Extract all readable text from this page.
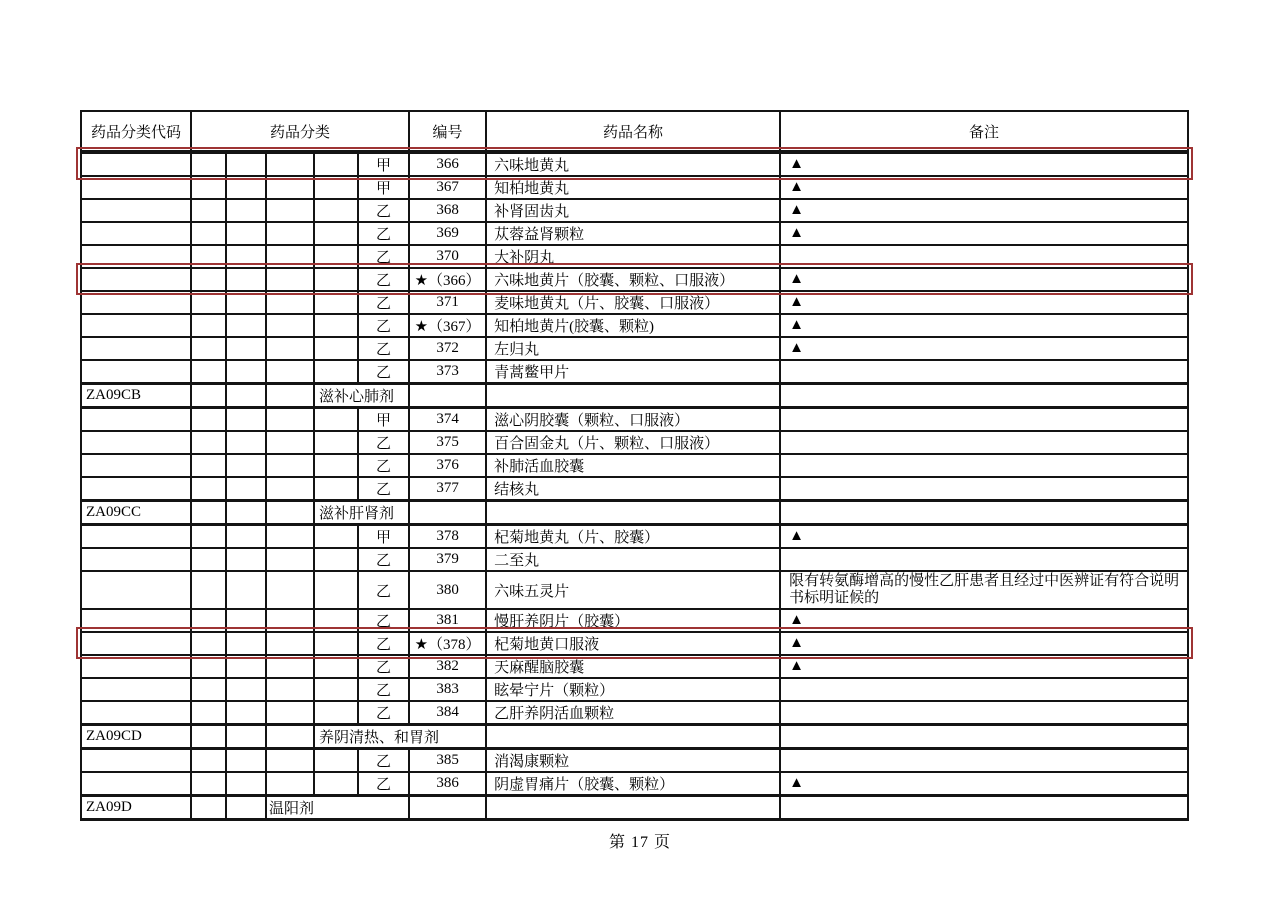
药品分类代码	药品分类					编号	药品名称	备注
					甲	366	六味地黄丸	▲
					甲	367	知柏地黄丸	▲
					乙	368	补肾固齿丸	▲
					乙	369	苁蓉益肾颗粒	▲
					乙	370	大补阴丸	
					乙	★（366）	六味地黄片（胶囊、颗粒、口服液）	▲
					乙	371	麦味地黄丸（片、胶囊、口服液）	▲
					乙	★（367）	知柏地黄片(胶囊、颗粒)	▲
					乙	372	左归丸	▲
					乙	373	青蒿鳖甲片	
ZA09CB				滋补心肺剂				
					甲	374	滋心阴胶囊（颗粒、口服液）	
					乙	375	百合固金丸（片、颗粒、口服液）	
					乙	376	补肺活血胶囊	
					乙	377	结核丸	
ZA09CC				滋补肝肾剂				
					甲	378	杞菊地黄丸（片、胶囊）	▲
					乙	379	二至丸	
					乙	380	六味五灵片	限有转氨酶增高的慢性乙肝患者且经过中医辨证有符合说明书标明证候的
					乙	381	慢肝养阴片（胶囊）	▲
					乙	★（378）	杞菊地黄口服液	▲
					乙	382	天麻醒脑胶囊	▲
					乙	383	眩晕宁片（颗粒）	
					乙	384	乙肝养阴活血颗粒	
ZA09CD				养阴清热、和胃剂				
					乙	385	消渴康颗粒	
					乙	386	阴虚胃痛片（胶囊、颗粒）	▲
ZA09D			温阳剂					
第 17 页
